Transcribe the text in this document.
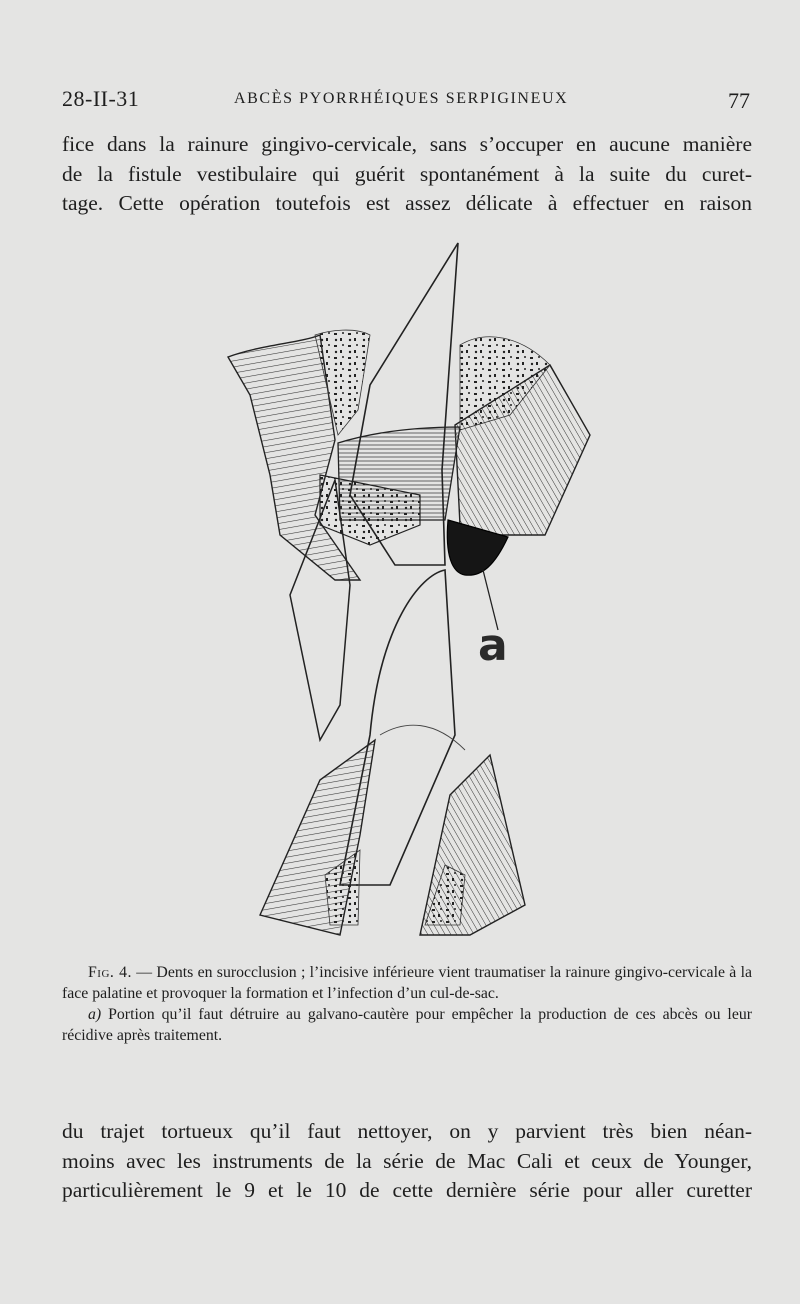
28-II-31	ABCÈS PYORRHÉIQUES SERPIGINEUX	77
fice dans la rainure gingivo-cervicale, sans s’occuper en aucune manière
de la fistule vestibulaire qui guérit spontanément à la suite du curet-
tage. Cette opération toutefois est assez délicate à effectuer en raison
a

Fig. 4. — Dents en surocclusion ; l’incisive inférieure vient traumatiser la rainure gingivo-cervicale à la face palatine et provoquer la formation et l’infection d’un cul-de-sac.

a) Portion qu’il faut détruire au galvano-cautère pour empêcher la production de ces abcès ou leur récidive après traitement.

du trajet tortueux qu’il faut nettoyer, on y parvient très bien néan-
moins avec les instruments de la série de Mac Cali et ceux de Younger,
particulièrement le 9 et le 10 de cette dernière série pour aller curetter
